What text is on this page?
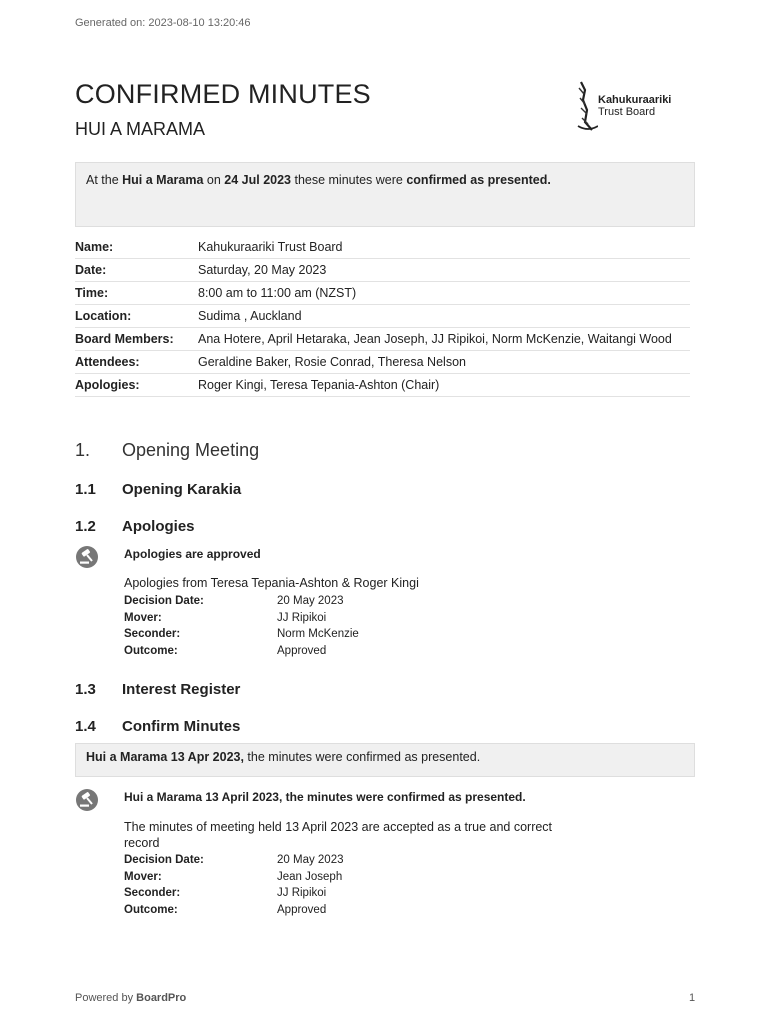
Generated on: 2023-08-10 13:20:46
CONFIRMED MINUTES
HUI A MARAMA
Kahukuraariki
Trust Board
At the Hui a Marama on 24 Jul 2023 these minutes were confirmed as presented.
Name:	Kahukuraariki Trust Board
Date:	Saturday, 20 May 2023
Time:	8:00 am to 11:00 am (NZST)
Location:	Sudima , Auckland
Board Members:	Ana Hotere, April Hetaraka, Jean Joseph, JJ Ripikoi, Norm McKenzie, Waitangi Wood
Attendees:	Geraldine Baker, Rosie Conrad, Theresa Nelson
Apologies:	Roger Kingi, Teresa Tepania-Ashton (Chair)
1. Opening Meeting
1.1 Opening Karakia
1.2 Apologies
Apologies are approved
Apologies from Teresa Tepania-Ashton & Roger Kingi
Decision Date:	20 May 2023
Mover:	JJ Ripikoi
Seconder:	Norm McKenzie
Outcome:	Approved
1.3 Interest Register
1.4 Confirm Minutes
Hui a Marama 13 Apr 2023, the minutes were confirmed as presented.
Hui a Marama 13 April 2023, the minutes were confirmed as presented.
The minutes of meeting held 13 April 2023 are accepted as a true and correct record
Decision Date:	20 May 2023
Mover:	Jean Joseph
Seconder:	JJ Ripikoi
Outcome:	Approved
Powered by BoardPro	1
